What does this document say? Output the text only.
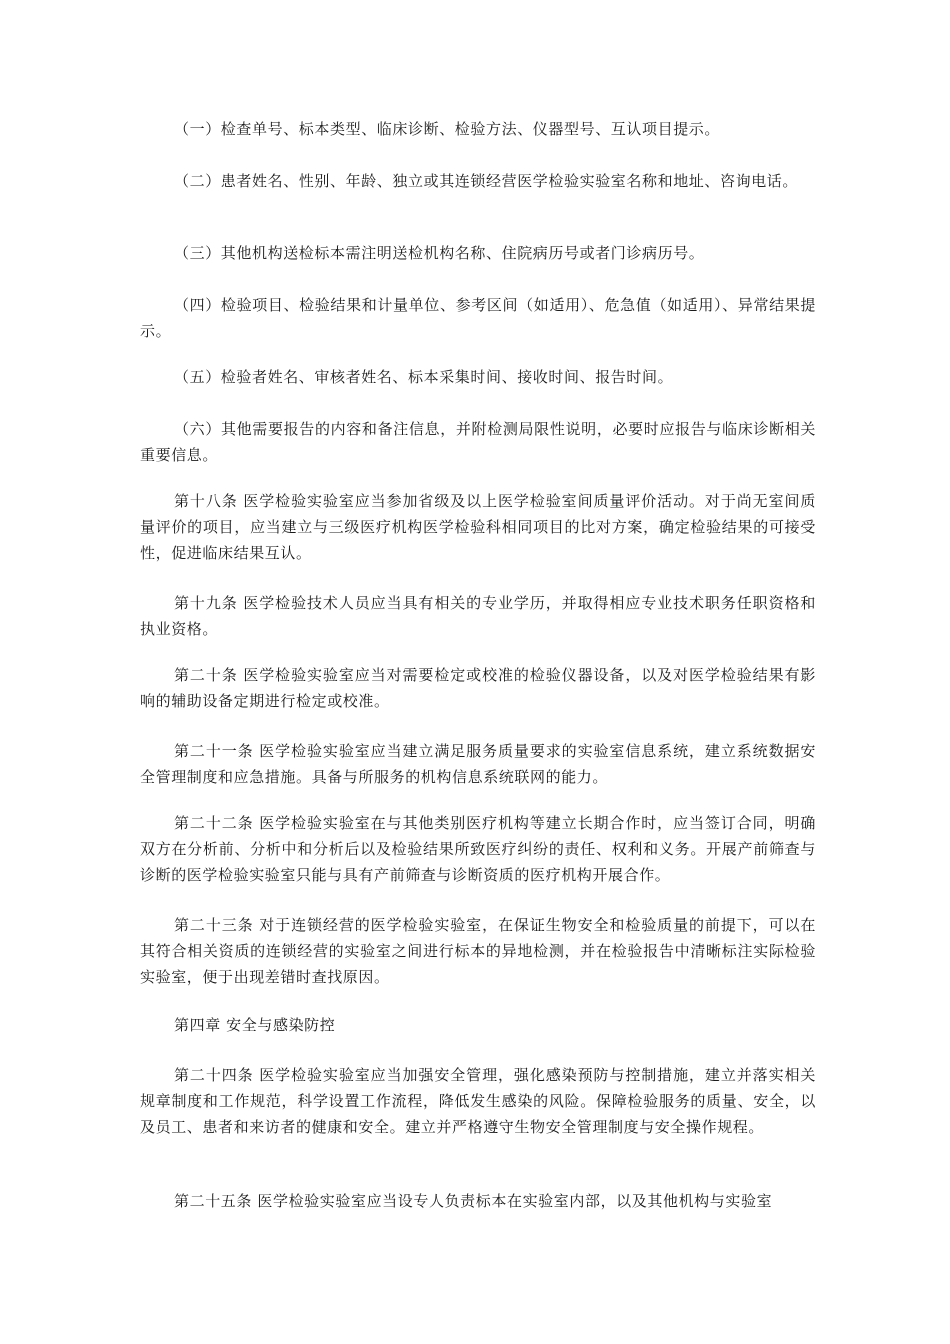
（一）检查单号、标本类型、临床诊断、检验方法、仪器型号、互认项目提示。

（二）患者姓名、性别、年龄、独立或其连锁经营医学检验实验室名称和地址、咨询电话。

（三）其他机构送检标本需注明送检机构名称、住院病历号或者门诊病历号。

（四）检验项目、检验结果和计量单位、参考区间（如适用）、危急值（如适用）、异常结果提示。

（五）检验者姓名、审核者姓名、标本采集时间、接收时间、报告时间。

（六）其他需要报告的内容和备注信息，并附检测局限性说明，必要时应报告与临床诊断相关重要信息。

第十八条 医学检验实验室应当参加省级及以上医学检验室间质量评价活动。对于尚无室间质量评价的项目，应当建立与三级医疗机构医学检验科相同项目的比对方案，确定检验结果的可接受性，促进临床结果互认。

第十九条 医学检验技术人员应当具有相关的专业学历，并取得相应专业技术职务任职资格和执业资格。

第二十条 医学检验实验室应当对需要检定或校准的检验仪器设备，以及对医学检验结果有影响的辅助设备定期进行检定或校准。

第二十一条 医学检验实验室应当建立满足服务质量要求的实验室信息系统，建立系统数据安全管理制度和应急措施。具备与所服务的机构信息系统联网的能力。

第二十二条 医学检验实验室在与其他类别医疗机构等建立长期合作时，应当签订合同，明确双方在分析前、分析中和分析后以及检验结果所致医疗纠纷的责任、权利和义务。开展产前筛查与诊断的医学检验实验室只能与具有产前筛查与诊断资质的医疗机构开展合作。

第二十三条 对于连锁经营的医学检验实验室，在保证生物安全和检验质量的前提下，可以在其符合相关资质的连锁经营的实验室之间进行标本的异地检测，并在检验报告中清晰标注实际检验实验室，便于出现差错时查找原因。

第四章 安全与感染防控

第二十四条 医学检验实验室应当加强安全管理，强化感染预防与控制措施，建立并落实相关规章制度和工作规范，科学设置工作流程，降低发生感染的风险。保障检验服务的质量、安全，以及员工、患者和来访者的健康和安全。建立并严格遵守生物安全管理制度与安全操作规程。

第二十五条 医学检验实验室应当设专人负责标本在实验室内部，以及其他机构与实验室
